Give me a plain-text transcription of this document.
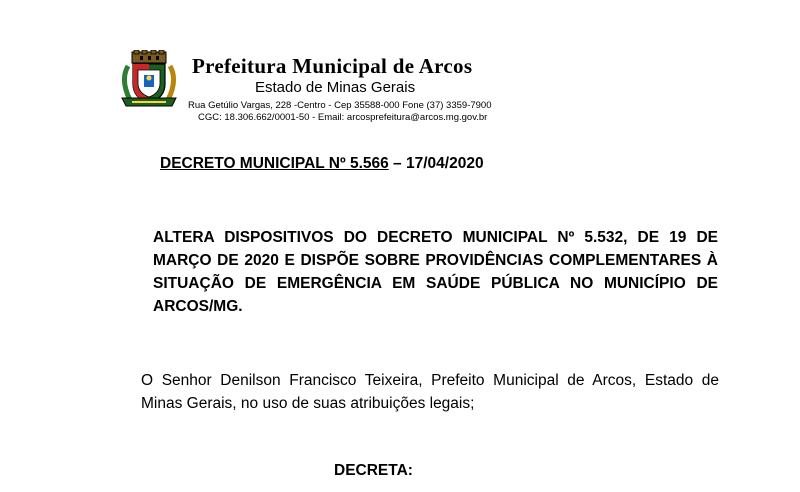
Prefeitura Municipal de Arcos
Estado de Minas Gerais
Rua Getúlio Vargas, 228 -Centro - Cep 35588-000 Fone (37) 3359-7900
CGC: 18.306.662/0001-50 - Email: arcosprefeitura@arcos.mg.gov.br
DECRETO MUNICIPAL Nº 5.566 – 17/04/2020
ALTERA DISPOSITIVOS DO DECRETO MUNICIPAL Nº 5.532, DE 19 DE MARÇO DE 2020 E DISPÕE SOBRE PROVIDÊNCIAS COMPLEMENTARES À SITUAÇÃO DE EMERGÊNCIA EM SAÚDE PÚBLICA NO MUNICÍPIO DE ARCOS/MG.
O Senhor Denilson Francisco Teixeira, Prefeito Municipal de Arcos, Estado de Minas Gerais, no uso de suas atribuições legais;
DECRETA:
